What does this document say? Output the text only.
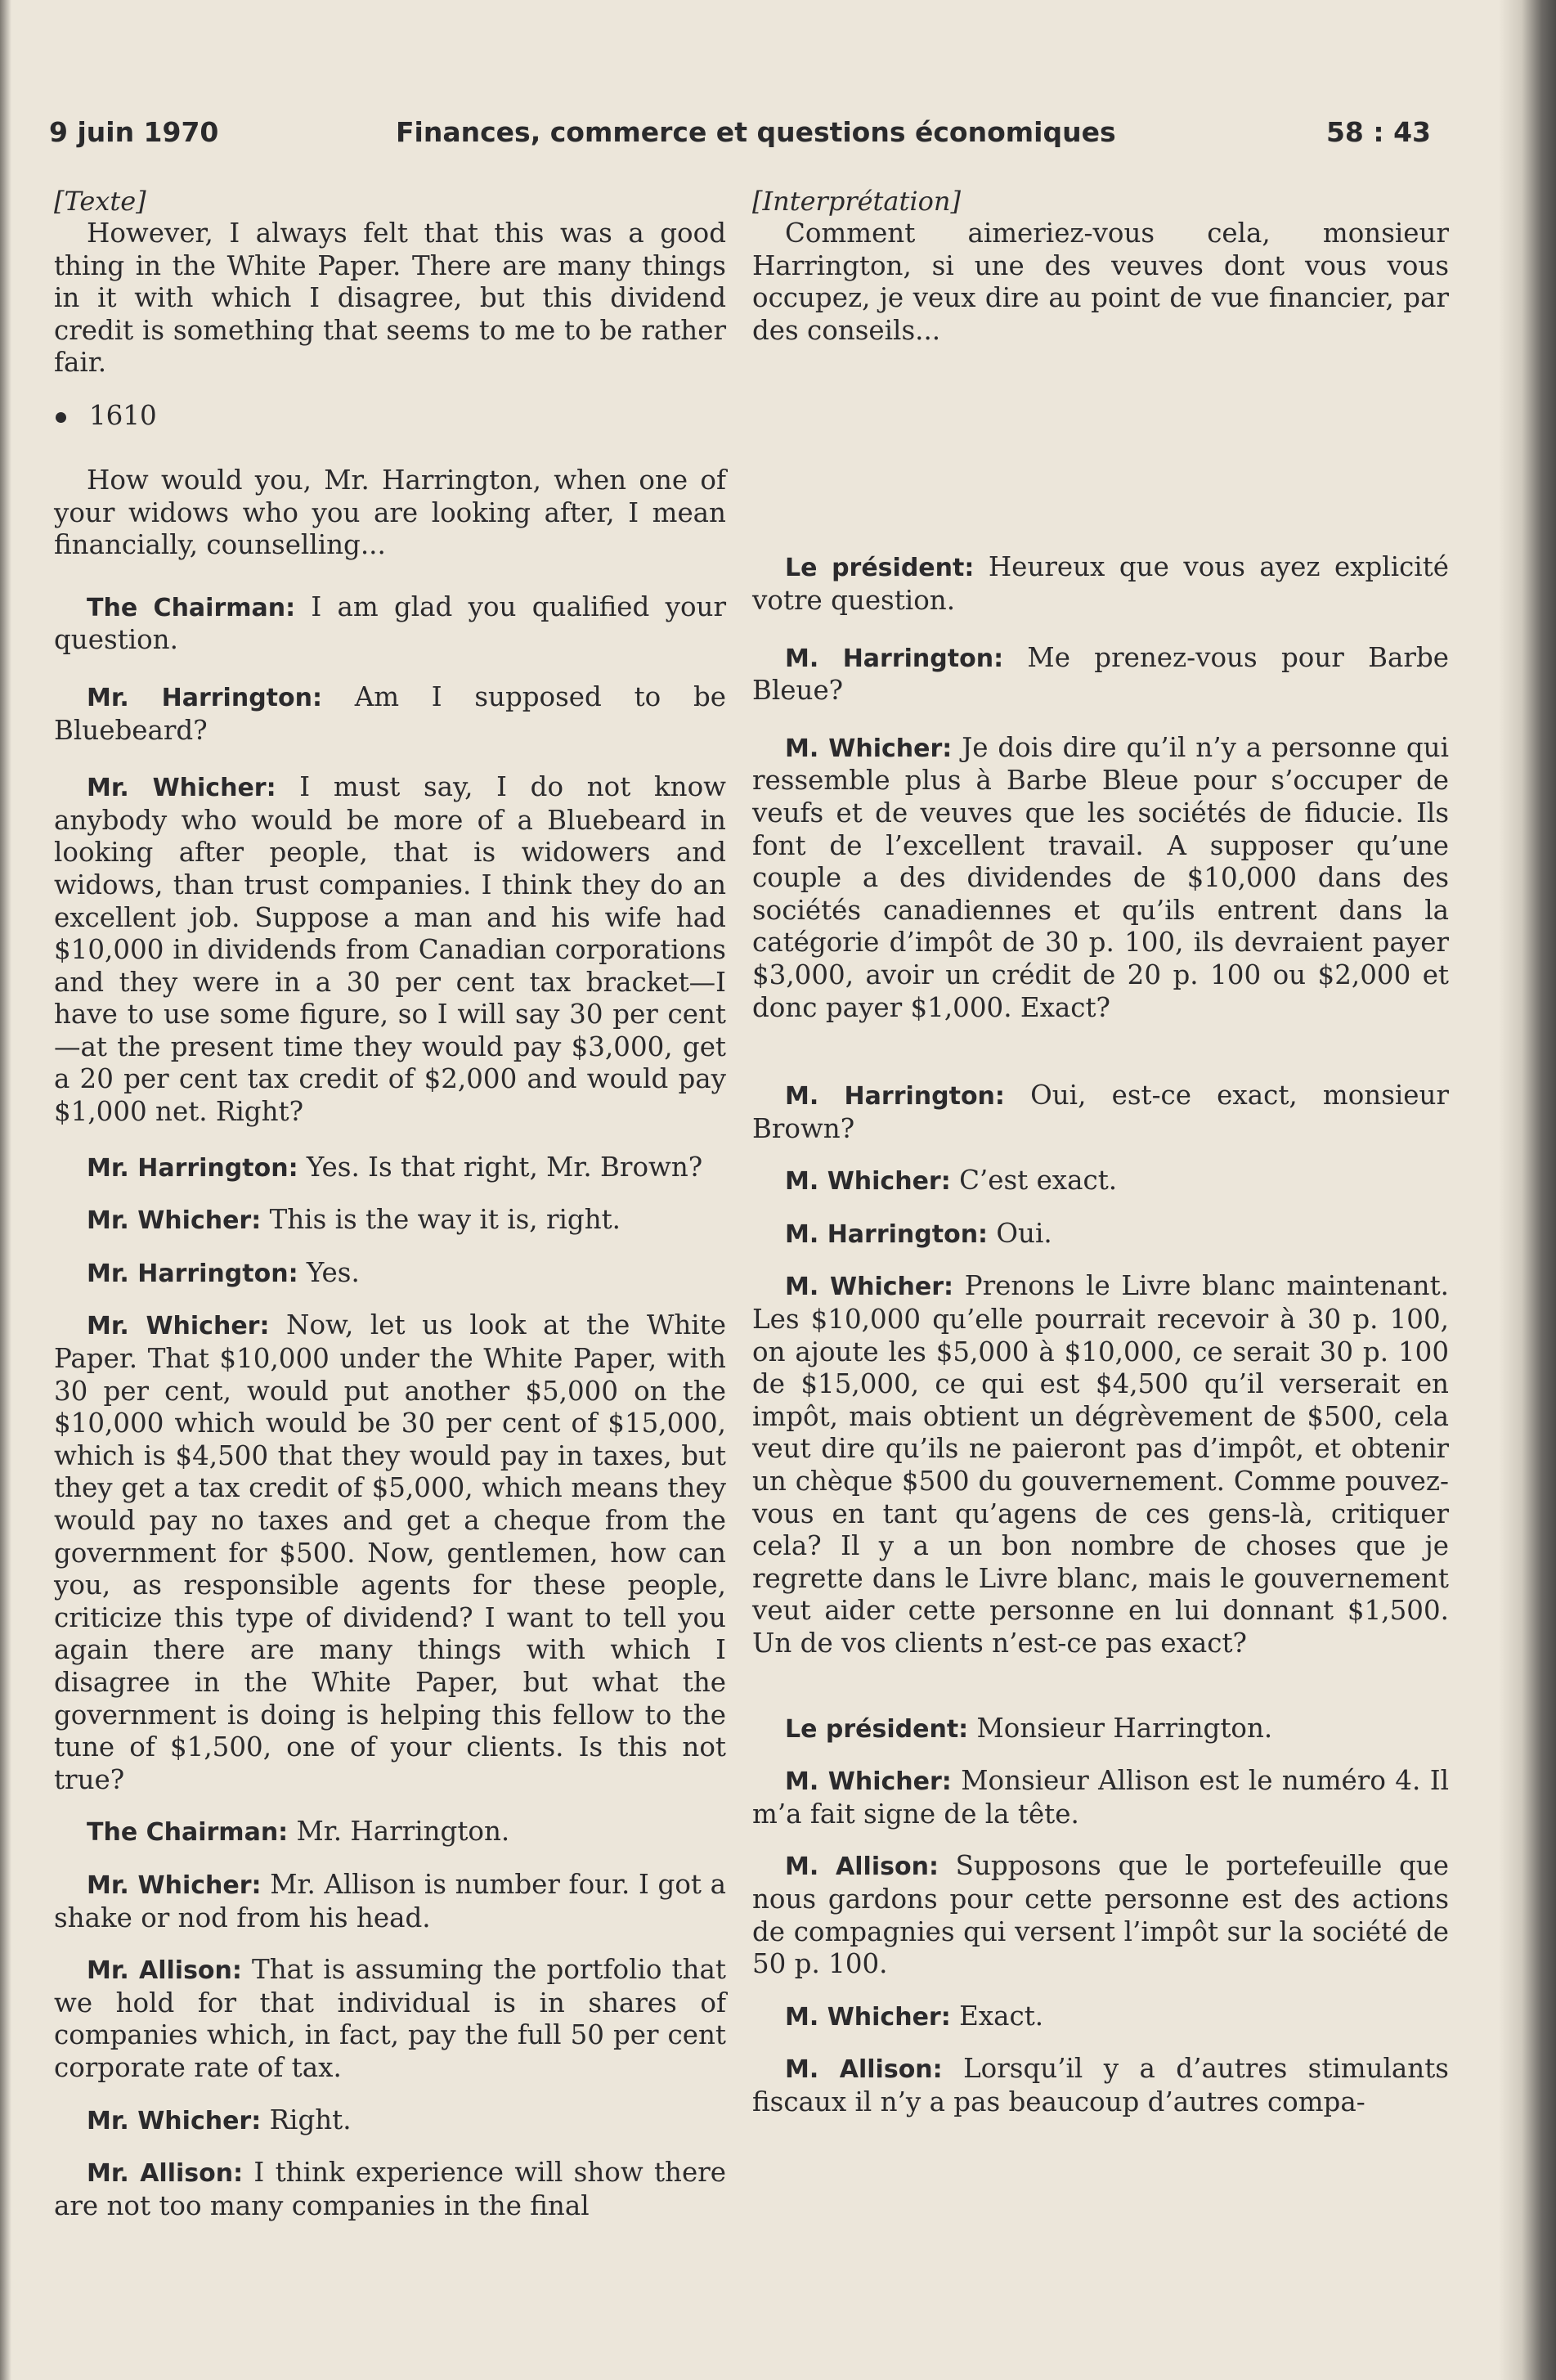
9 juin 1970	Finances, commerce et questions économiques	58 : 43
[Texte]

However, I always felt that this was a good thing in the White Paper. There are many things in it with which I disagree, but this dividend credit is something that seems to me to be rather fair.

1610

How would you, Mr. Harrington, when one of your widows who you are looking after, I mean financially, counselling...

The Chairman: I am glad you qualified your question.

Mr. Harrington: Am I supposed to be Bluebeard?

Mr. Whicher: I must say, I do not know anybody who would be more of a Bluebeard in looking after people, that is widowers and widows, than trust companies. I think they do an excellent job. Suppose a man and his wife had $10,000 in dividends from Canadian corporations and they were in a 30 per cent tax bracket—I have to use some figure, so I will say 30 per cent—at the present time they would pay $3,000, get a 20 per cent tax credit of $2,000 and would pay $1,000 net. Right?

Mr. Harrington: Yes. Is that right, Mr. Brown?

Mr. Whicher: This is the way it is, right.

Mr. Harrington: Yes.

Mr. Whicher: Now, let us look at the White Paper. That $10,000 under the White Paper, with 30 per cent, would put another $5,000 on the $10,000 which would be 30 per cent of $15,000, which is $4,500 that they would pay in taxes, but they get a tax credit of $5,000, which means they would pay no taxes and get a cheque from the government for $500. Now, gentlemen, how can you, as responsible agents for these people, criticize this type of dividend? I want to tell you again there are many things with which I disagree in the White Paper, but what the government is doing is helping this fellow to the tune of $1,500, one of your clients. Is this not true?

The Chairman: Mr. Harrington.

Mr. Whicher: Mr. Allison is number four. I got a shake or nod from his head.

Mr. Allison: That is assuming the portfolio that we hold for that individual is in shares of companies which, in fact, pay the full 50 per cent corporate rate of tax.

Mr. Whicher: Right.

Mr. Allison: I think experience will show there are not too many companies in the final

[Interprétation]

Comment aimeriez-vous cela, monsieur Harrington, si une des veuves dont vous vous occupez, je veux dire au point de vue financier, par des conseils...

Le président: Heureux que vous ayez explicité votre question.

M. Harrington: Me prenez-vous pour Barbe Bleue?

M. Whicher: Je dois dire qu’il n’y a personne qui ressemble plus à Barbe Bleue pour s’occuper de veufs et de veuves que les sociétés de fiducie. Ils font de l’excellent travail. A supposer qu’une couple a des dividendes de $10,000 dans des sociétés canadiennes et qu’ils entrent dans la catégorie d’impôt de 30 p. 100, ils devraient payer $3,000, avoir un crédit de 20 p. 100 ou $2,000 et donc payer $1,000. Exact?

M. Harrington: Oui, est-ce exact, monsieur Brown?

M. Whicher: C’est exact.

M. Harrington: Oui.

M. Whicher: Prenons le Livre blanc maintenant. Les $10,000 qu’elle pourrait recevoir à 30 p. 100, on ajoute les $5,000 à $10,000, ce serait 30 p. 100 de $15,000, ce qui est $4,500 qu’il verserait en impôt, mais obtient un dégrèvement de $500, cela veut dire qu’ils ne paieront pas d’impôt, et obtenir un chèque $500 du gouvernement. Comme pouvez-vous en tant qu’agens de ces gens-là, critiquer cela? Il y a un bon nombre de choses que je regrette dans le Livre blanc, mais le gouvernement veut aider cette personne en lui donnant $1,500. Un de vos clients n’est-ce pas exact?

Le président: Monsieur Harrington.

M. Whicher: Monsieur Allison est le numéro 4. Il m’a fait signe de la tête.

M. Allison: Supposons que le portefeuille que nous gardons pour cette personne est des actions de compagnies qui versent l’impôt sur la société de 50 p. 100.

M. Whicher: Exact.

M. Allison: Lorsqu’il y a d’autres stimulants fiscaux il n’y a pas beaucoup d’autres compa-
